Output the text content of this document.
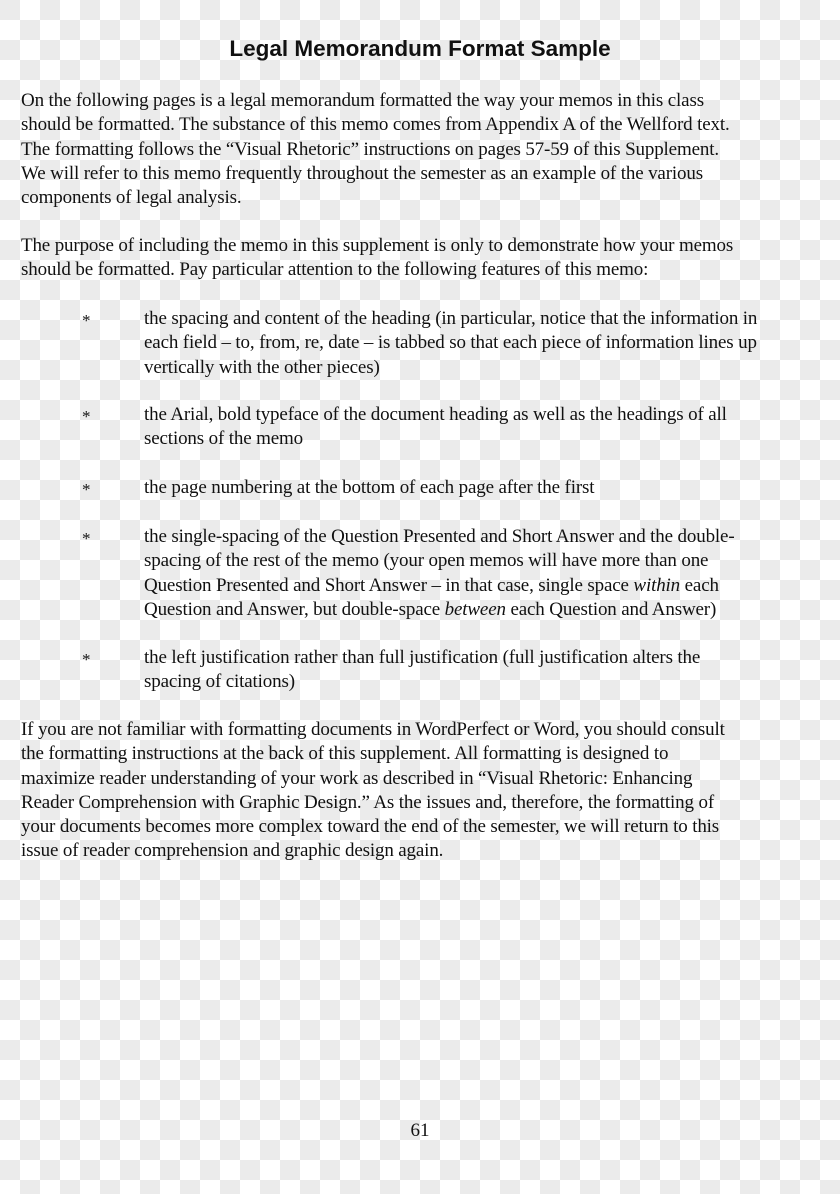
Legal Memorandum Format Sample

On the following pages is a legal memorandum formatted the way your memos in this class
should be formatted. The substance of this memo comes from Appendix A of the Wellford text.
The formatting follows the “Visual Rhetoric” instructions on pages 57-59 of this Supplement.
We will refer to this memo frequently throughout the semester as an example of the various
components of legal analysis.

The purpose of including the memo in this supplement is only to demonstrate how your memos
should be formatted. Pay particular attention to the following features of this memo:

*	the spacing and content of the heading (in particular, notice that the information in
each field – to, from, re, date – is tabbed so that each piece of information lines up
vertically with the other pieces)
*	the Arial, bold typeface of the document heading as well as the headings of all
sections of the memo
*	the page numbering at the bottom of each page after the first
*	the single-spacing of the Question Presented and Short Answer and the double-
spacing of the rest of the memo (your open memos will have more than one
Question Presented and Short Answer – in that case, single space within each
Question and Answer, but double-space between each Question and Answer)
*	the left justification rather than full justification (full justification alters the
spacing of citations)

If you are not familiar with formatting documents in WordPerfect or Word, you should consult
the formatting instructions at the back of this supplement. All formatting is designed to
maximize reader understanding of your work as described in “Visual Rhetoric: Enhancing
Reader Comprehension with Graphic Design.” As the issues and, therefore, the formatting of
your documents becomes more complex toward the end of the semester, we will return to this
issue of reader comprehension and graphic design again.

61
